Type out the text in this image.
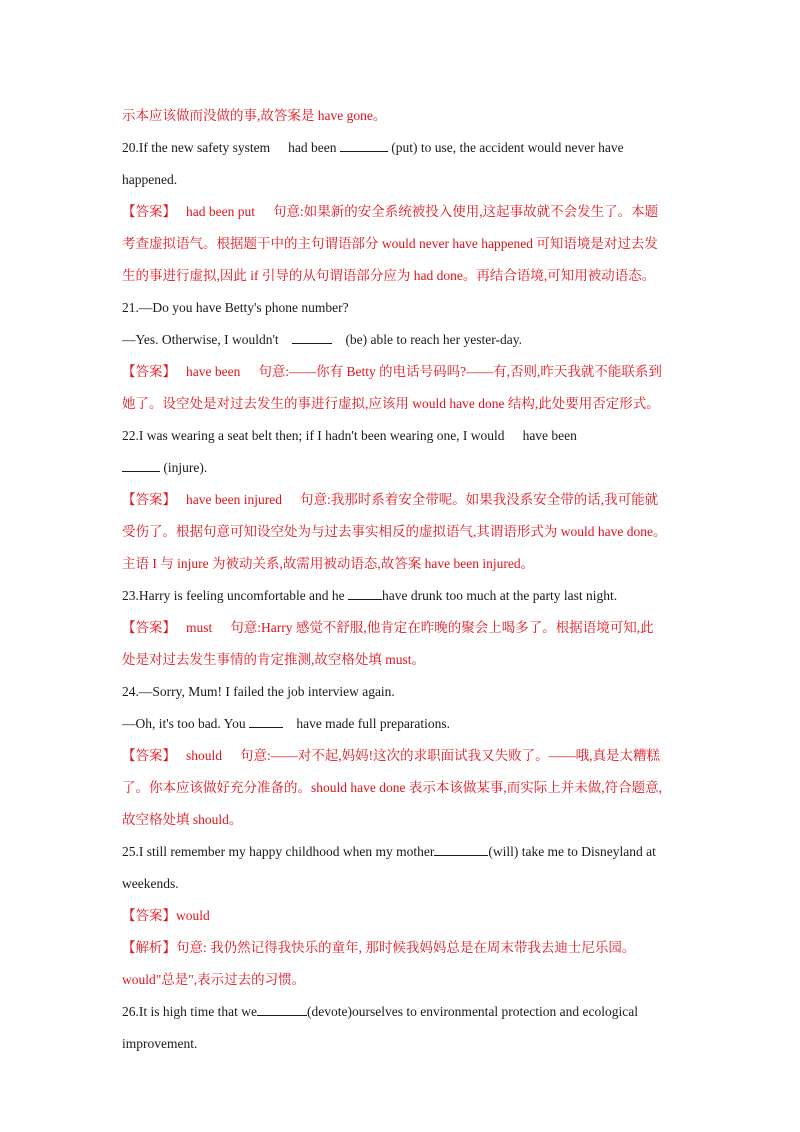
示本应该做而没做的事,故答案是 have gone。
20.If the new safety system had been	(put) to use, the accident would never have
happened.
【答案】 had been put 句意:如果新的安全系统被投入使用,这起事故就不会发生了。本题
考查虚拟语气。根据题干中的主句谓语部分 would never have happened 可知语境是对过去发
生的事进行虚拟,因此 if 引导的从句谓语部分应为 had done。再结合语境,可知用被动语态。
21.—Do you have Betty's phone number?
—Yes. Otherwise, I wouldn't	(be) able to reach her yester-day.
【答案】 have been 句意:——你有 Betty 的电话号码吗?——有,否则,昨天我就不能联系到
她了。设空处是对过去发生的事进行虚拟,应该用 would have done 结构,此处要用否定形式。
22.I was wearing a seat belt then; if I hadn't been wearing one, I would have been
(injure).
【答案】 have been injured 句意:我那时系着安全带呢。如果我没系安全带的话,我可能就
受伤了。根据句意可知设空处为与过去事实相反的虚拟语气,其谓语形式为 would have done。
主语 I 与 injure 为被动关系,故需用被动语态,故答案 have been injured。
23.Harry is feeling uncomfortable and he	have drunk too much at the party last night.
【答案】 must 句意:Harry 感觉不舒服,他肯定在昨晚的聚会上喝多了。根据语境可知,此
处是对过去发生事情的肯定推测,故空格处填 must。
24.—Sorry, Mum! I failed the job interview again.
—Oh, it's too bad. You	have made full preparations.
【答案】 should 句意:——对不起,妈妈!这次的求职面试我又失败了。——哦,真是太糟糕
了。你本应该做好充分准备的。should have done 表示本该做某事,而实际上并未做,符合题意,
故空格处填 should。
25.I still remember my happy childhood when my mother	(will) take me to Disneyland at
weekends.
【答案】would
【解析】句意: 我仍然记得我快乐的童年, 那时候我妈妈总是在周末带我去迪士尼乐园。
would"总是",表示过去的习惯。
26.It is high time that we	(devote)ourselves to environmental protection and ecological
improvement.
